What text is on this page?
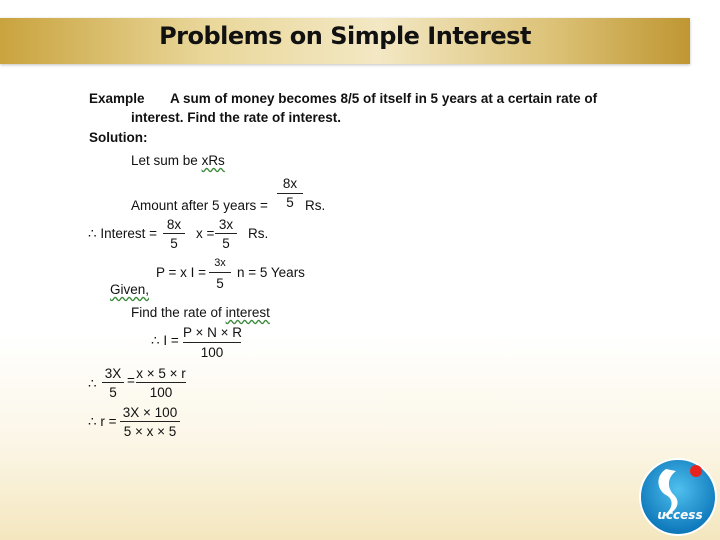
Problems on Simple Interest
Example A sum of money becomes 8/5 of itself in 5 years at a certain rate of
interest. Find the rate of interest.
Solution:
Let sum be xRs
Amount after 5 years =
8x
5 Rs.
∴ Interest =
8x
5
x =
3x
5
Rs.
P = x I =
3x
5
n = 5 Years
Given,
Find the rate of interest
∴ I =
P × N × R
100
∴
3X
5
= x × 5 × r
100
∴ r =
3X × 100
5 × x × 5
uccess
